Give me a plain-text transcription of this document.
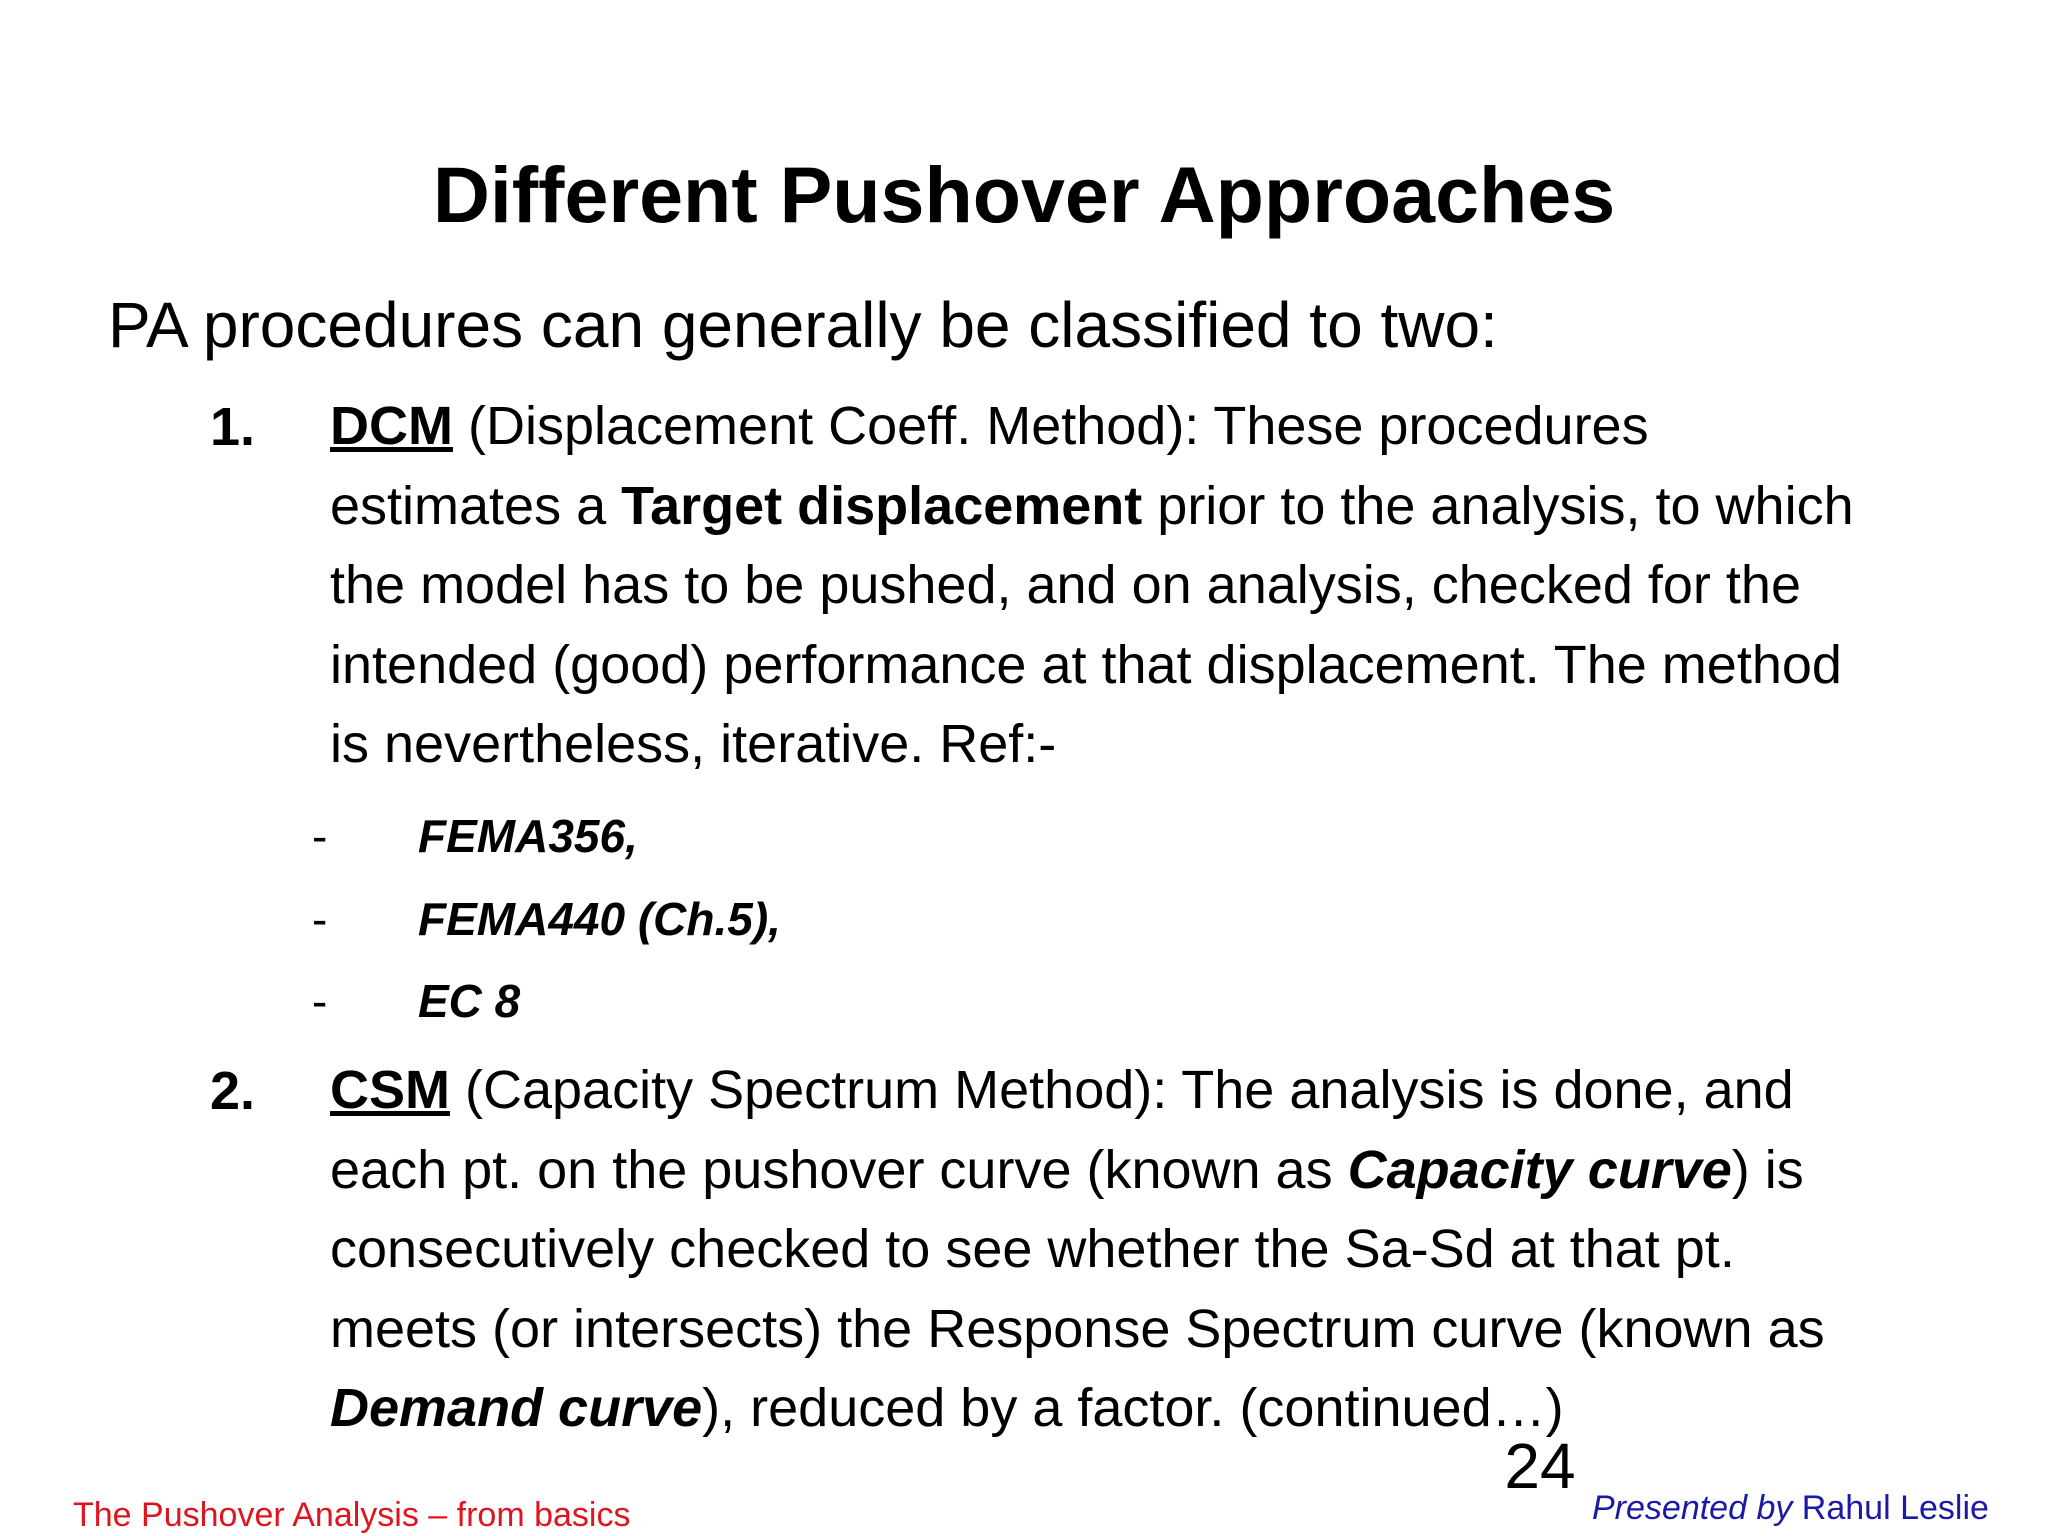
Different Pushover Approaches
PA procedures can generally be classified to two:
1. DCM (Displacement Coeff. Method): These procedures
estimates a Target displacement prior to the analysis, to which
the model has to be pushed, and on analysis, checked for the
intended (good) performance at that displacement. The method
is nevertheless, iterative. Ref:-
- FEMA356,
- FEMA440 (Ch.5),
- EC 8
2. CSM (Capacity Spectrum Method): The analysis is done, and
each pt. on the pushover curve (known as Capacity curve) is
consecutively checked to see whether the Sa-Sd at that pt.
meets (or intersects) the Response Spectrum curve (known as
Demand curve), reduced by a factor. (continued…)
24
The Pushover Analysis – from basics	Presented by Rahul Leslie
